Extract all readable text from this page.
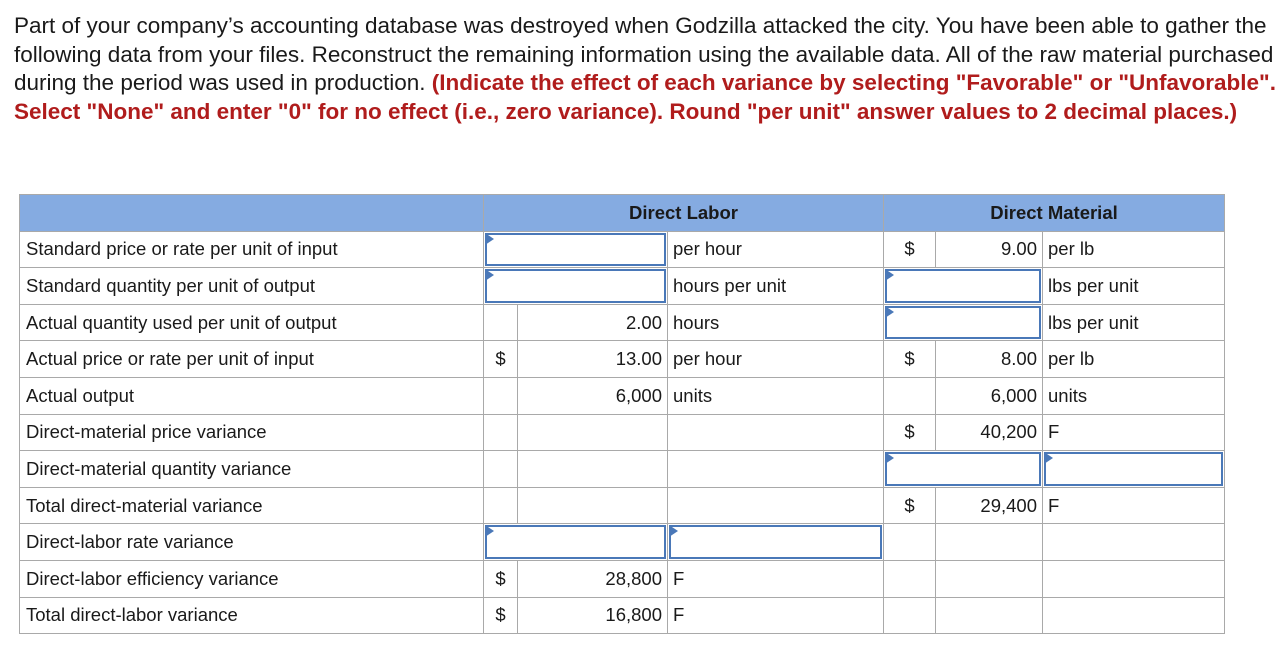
Part of your company’s accounting database was destroyed when Godzilla attacked the city. You have been able to gather the following data from your files. Reconstruct the remaining information using the available data. All of the raw material purchased during the period was used in production. (Indicate the effect of each variance by selecting "Favorable" or "Unfavorable". Select "None" and enter "0" for no effect (i.e., zero variance). Round "per unit" answer values to 2 decimal places.)
	Direct Labor			Direct Material		
Standard price or rate per unit of input			per hour	$	9.00	per lb
Standard quantity per unit of output			hours per unit			lbs per unit
Actual quantity used per unit of output		2.00	hours			lbs per unit
Actual price or rate per unit of input	$	13.00	per hour	$	8.00	per lb
Actual output		6,000	units		6,000	units
Direct-material price variance				$	40,200	F
Direct-material quantity variance					

Total direct-material variance				$	29,400	F
Direct-labor rate variance		

Direct-labor efficiency variance	$	28,800	F			
Total direct-labor variance	$	16,800	F			
